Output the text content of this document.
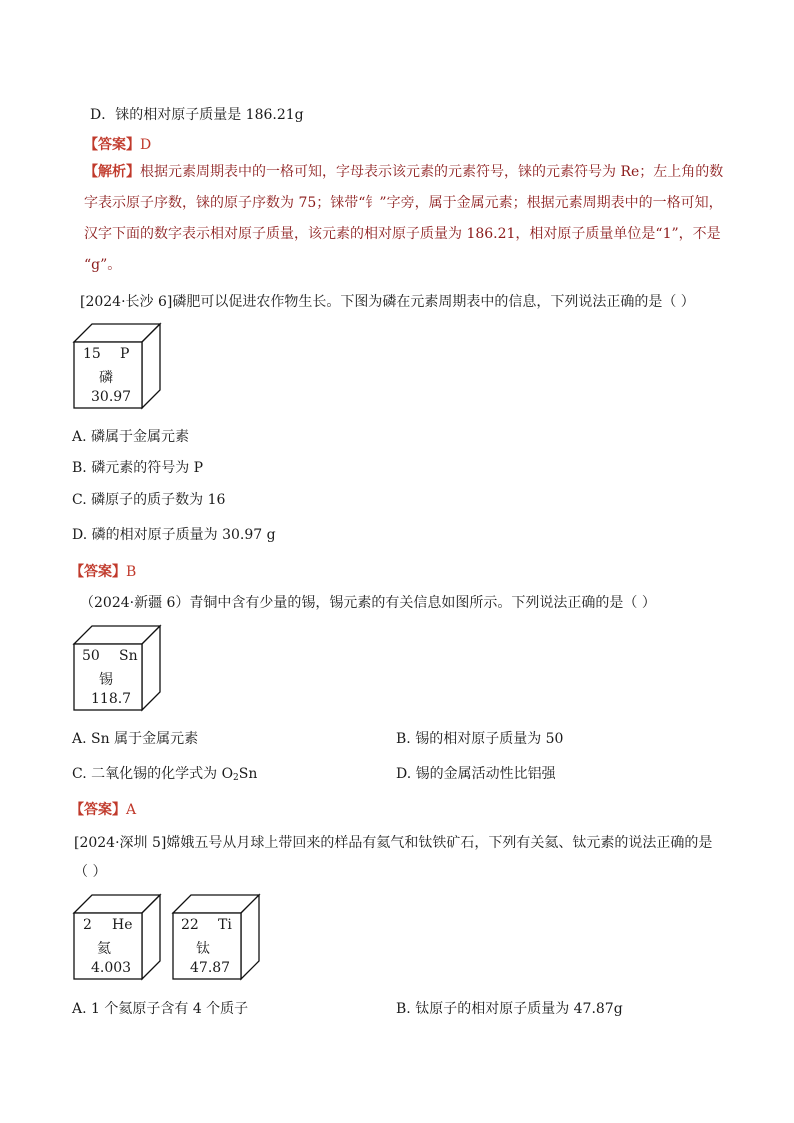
D．铼的相对原子质量是 186.21g
【答案】D
【解析】根据元素周期表中的一格可知，字母表示该元素的元素符号，铼的元素符号为 Re；左上角的数
字表示原子序数，铼的原子序数为 75；铼带“钅”字旁，属于金属元素；根据元素周期表中的一格可知，
汉字下面的数字表示相对原子质量，该元素的相对原子质量为 186.21，相对原子质量单位是“1”，不是
“g”。
[2024·长沙 6]磷肥可以促进农作物生长。下图为磷在元素周期表中的信息，下列说法正确的是（ ）
15 P
磷
30.97
A. 磷属于金属元素
B. 磷元素的符号为 P
C. 磷原子的质子数为 16
D. 磷的相对原子质量为 30.97 g
【答案】B
（2024·新疆 6）青铜中含有少量的锡，锡元素的有关信息如图所示。下列说法正确的是（ ）
50 Sn
锡
118.7
A. Sn 属于金属元素	B. 锡的相对原子质量为 50
C. 二氧化锡的化学式为 $O_2Sn$	D. 锡的金属活动性比铝强
【答案】A
[2024·深圳 5]嫦娥五号从月球上带回来的样品有氦气和钛铁矿石，下列有关氦、钛元素的说法正确的是
（ ）
2 He
氦
4.003
22 Ti
钛
47.87
A. 1 个氦原子含有 4 个质子	B. 钛原子的相对原子质量为 47.87g
